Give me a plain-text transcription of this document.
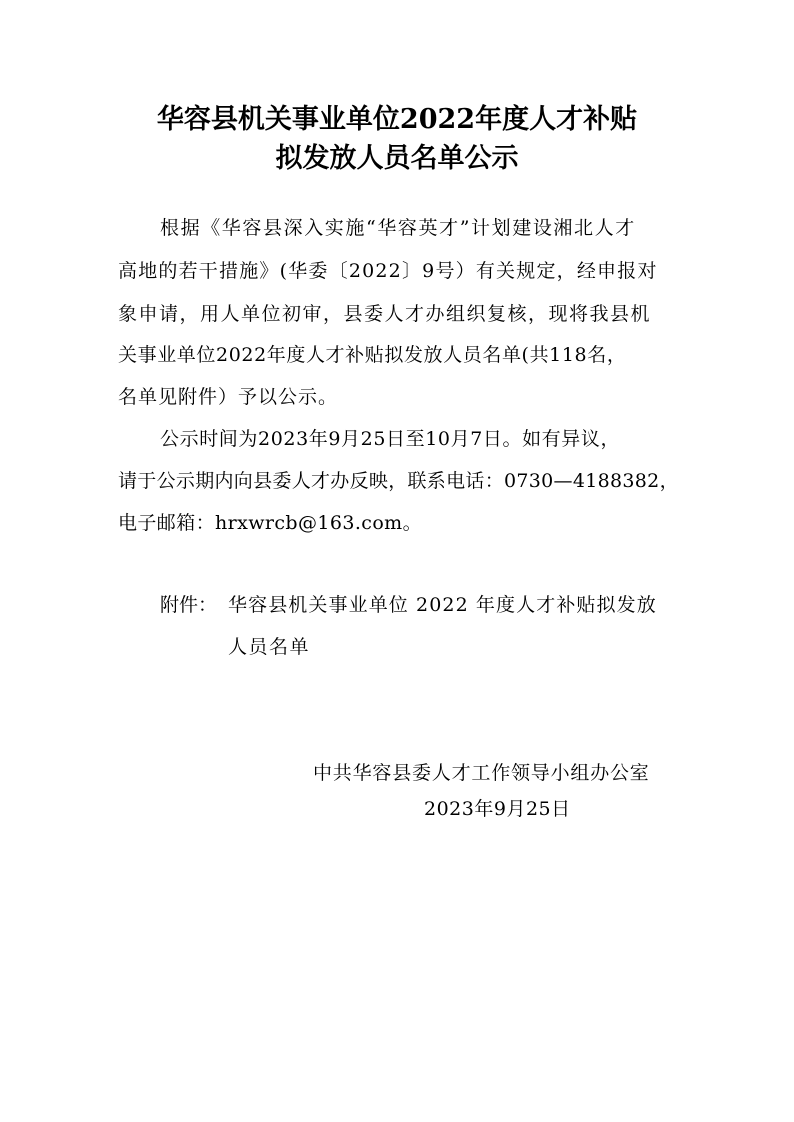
华容县机关事业单位2022年度人才补贴
拟发放人员名单公示
根据《华容县深入实施“华容英才”计划建设湘北人才
高地的若干措施》(华委〔2022〕9号）有关规定，经申报对
象申请，用人单位初审，县委人才办组织复核，现将我县机
关事业单位2022年度人才补贴拟发放人员名单(共118名，
名单见附件）予以公示。
公示时间为2023年9月25日至10月7日。如有异议，
请于公示期内向县委人才办反映，联系电话：0730—4188382，
电子邮箱：hrxwrcb@163.com。
附件： 华容县机关事业单位 2022 年度人才补贴拟发放
人员名单
中共华容县委人才工作领导小组办公室
2023年9月25日
